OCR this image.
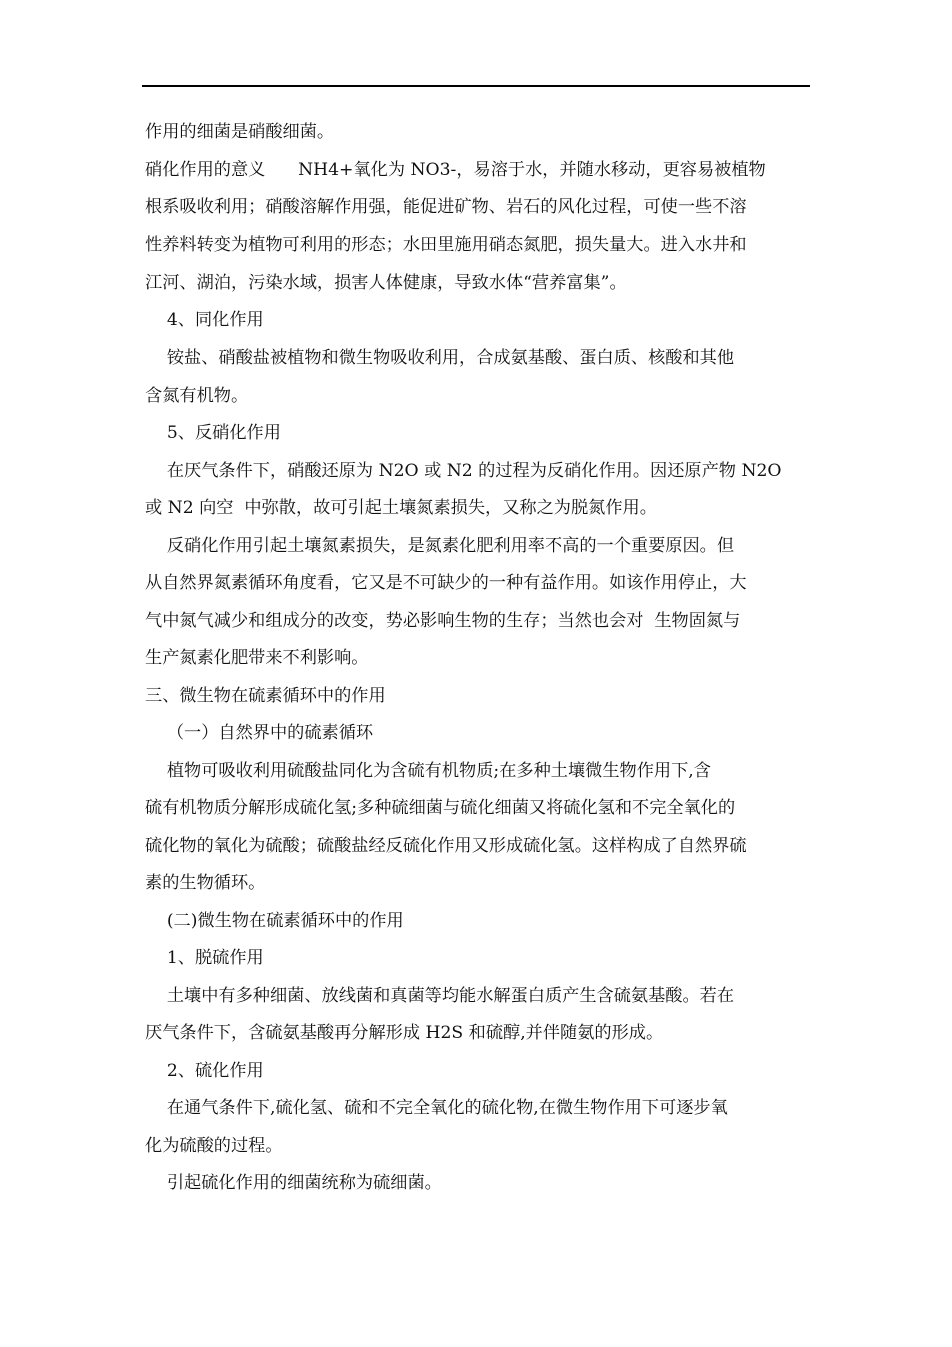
作用的细菌是硝酸细菌。
硝化作用的意义      NH4+氧化为 NO3-，易溶于水，并随水移动，更容易被植物
根系吸收利用；硝酸溶解作用强，能促进矿物、岩石的风化过程，可使一些不溶
性养料转变为植物可利用的形态；水田里施用硝态氮肥，损失量大。进入水井和
江河、湖泊，污染水域，损害人体健康，导致水体“营养富集”。
4、同化作用
铵盐、硝酸盐被植物和微生物吸收利用，合成氨基酸、蛋白质、核酸和其他
含氮有机物。
5、反硝化作用
在厌气条件下，硝酸还原为 N2O 或 N2 的过程为反硝化作用。因还原产物 N2O
或 N2 向空  中弥散，故可引起土壤氮素损失，又称之为脱氮作用。
反硝化作用引起土壤氮素损失，是氮素化肥利用率不高的一个重要原因。但
从自然界氮素循环角度看，它又是不可缺少的一种有益作用。如该作用停止，大
气中氮气减少和组成分的改变，势必影响生物的生存；当然也会对  生物固氮与
生产氮素化肥带来不利影响。
三、微生物在硫素循环中的作用
（一）自然界中的硫素循环
植物可吸收利用硫酸盐同化为含硫有机物质;在多种土壤微生物作用下,含
硫有机物质分解形成硫化氢;多种硫细菌与硫化细菌又将硫化氢和不完全氧化的
硫化物的氧化为硫酸；硫酸盐经反硫化作用又形成硫化氢。这样构成了自然界硫
素的生物循环。
(二)微生物在硫素循环中的作用
1、脱硫作用
土壤中有多种细菌、放线菌和真菌等均能水解蛋白质产生含硫氨基酸。若在
厌气条件下，含硫氨基酸再分解形成 H2S 和硫醇,并伴随氨的形成。
2、硫化作用
在通气条件下,硫化氢、硫和不完全氧化的硫化物,在微生物作用下可逐步氧
化为硫酸的过程。
引起硫化作用的细菌统称为硫细菌。
